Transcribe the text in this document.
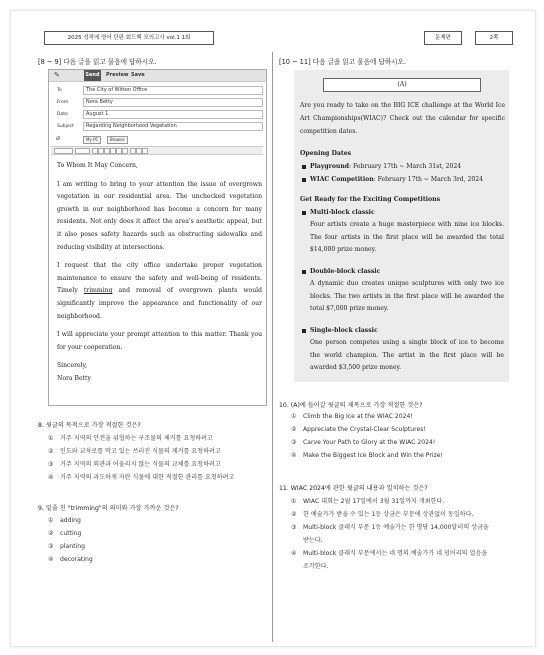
2025 성적에 영어 단판 회드백 모의고사 vol.1 1회	문제편	2쪽
[8 ~ 9] 다음 글을 읽고 물음에 답하시오.
✎	Send Preview Save
To	The City of Witten Office
From	Nora Betty
Date	August 1
Subject	Regarding Neighborhood Vegetation
⌀	My PC	Browse

To Whom It May Concern,

I am writing to bring to your attention the issue of overgrown vegetation in our residential area. The unchecked vegetation growth in our neighborhood has become a concern for many residents. Not only does it affect the area's aesthetic appeal, but it also poses safety hazards such as obstructing sidewalks and reducing visibility at intersections.

I request that the city office undertake proper vegetation maintenance to ensure the safety and well-being of residents. Timely trimming and removal of overgrown plants would significantly improve the appearance and functionality of our neighborhood.

I will appreciate your prompt attention to this matter. Thank you for your cooperation.

Sincerely,

Nora Betty

8. 윗글의 목적으로 가장 적절한 것은?
① 거주 지역의 안전을 위협하는 구조물의 제거를 요청하려고
② 인도와 교차로를 막고 있는 쓰러진 식물의 제거를 요청하려고
③ 거주 지역의 외관과 어울리지 않는 식물의 교체를 요청하려고
④ 거주 지역의 과도하게 자란 식물에 대한 적절한 관리를 요청하려고
9. 밑줄 친 "trimming"의 의미와 가장 가까운 것은?
① adding
② cutting
③ planting
④ decorating
[10 ~ 11] 다음 글을 읽고 물음에 답하시오.
(A)
Are you ready to take on the BIG ICE challenge at the World Ice Art Championships(WIAC)? Check out the calendar for specific competition dates.
Opening Dates
Playground: February 17th ~ March 31st, 2024
WIAC Competition: February 17th ~ March 3rd, 2024
Get Ready for the Exciting Competitions
Multi-block classic
Four artists create a huge masterpiece with nine ice blocks. The four artists in the first place will be awarded the total $14,000 prize money.
Double-block classic
A dynamic duo creates unique sculptures with only two ice blocks. The two artists in the first place will be awarded the total $7,000 prize money.
Single-block classic
One person competes using a single block of ice to become the world champion. The artist in the first place will be awarded $3,500 prize money.
10. (A)에 들어갈 윗글의 제목으로 가장 적절한 것은?
① Climb the Big Ice at the WIAC 2024!
② Appreciate the Crystal-Clear Sculptures!
③ Carve Your Path to Glory at the WIAC 2024!
④ Make the Biggest Ice Block and Win the Prize!
11. WIAC 2024에 관한 윗글의 내용과 일치하는 것은?
① WIAC 대회는 2월 17일에서 3월 31일까지 개최한다.
② 한 예술가가 받을 수 있는 1등 상금은 부문에 상관없이 동일하다.
③ Multi-block 클래식 부문 1등 예술가는 한 명당 14,000달러의 상금을
받는다.
④ Multi-block 클래식 부문에서는 네 명의 예술가가 네 덩어리의 얼음을
조각한다.
